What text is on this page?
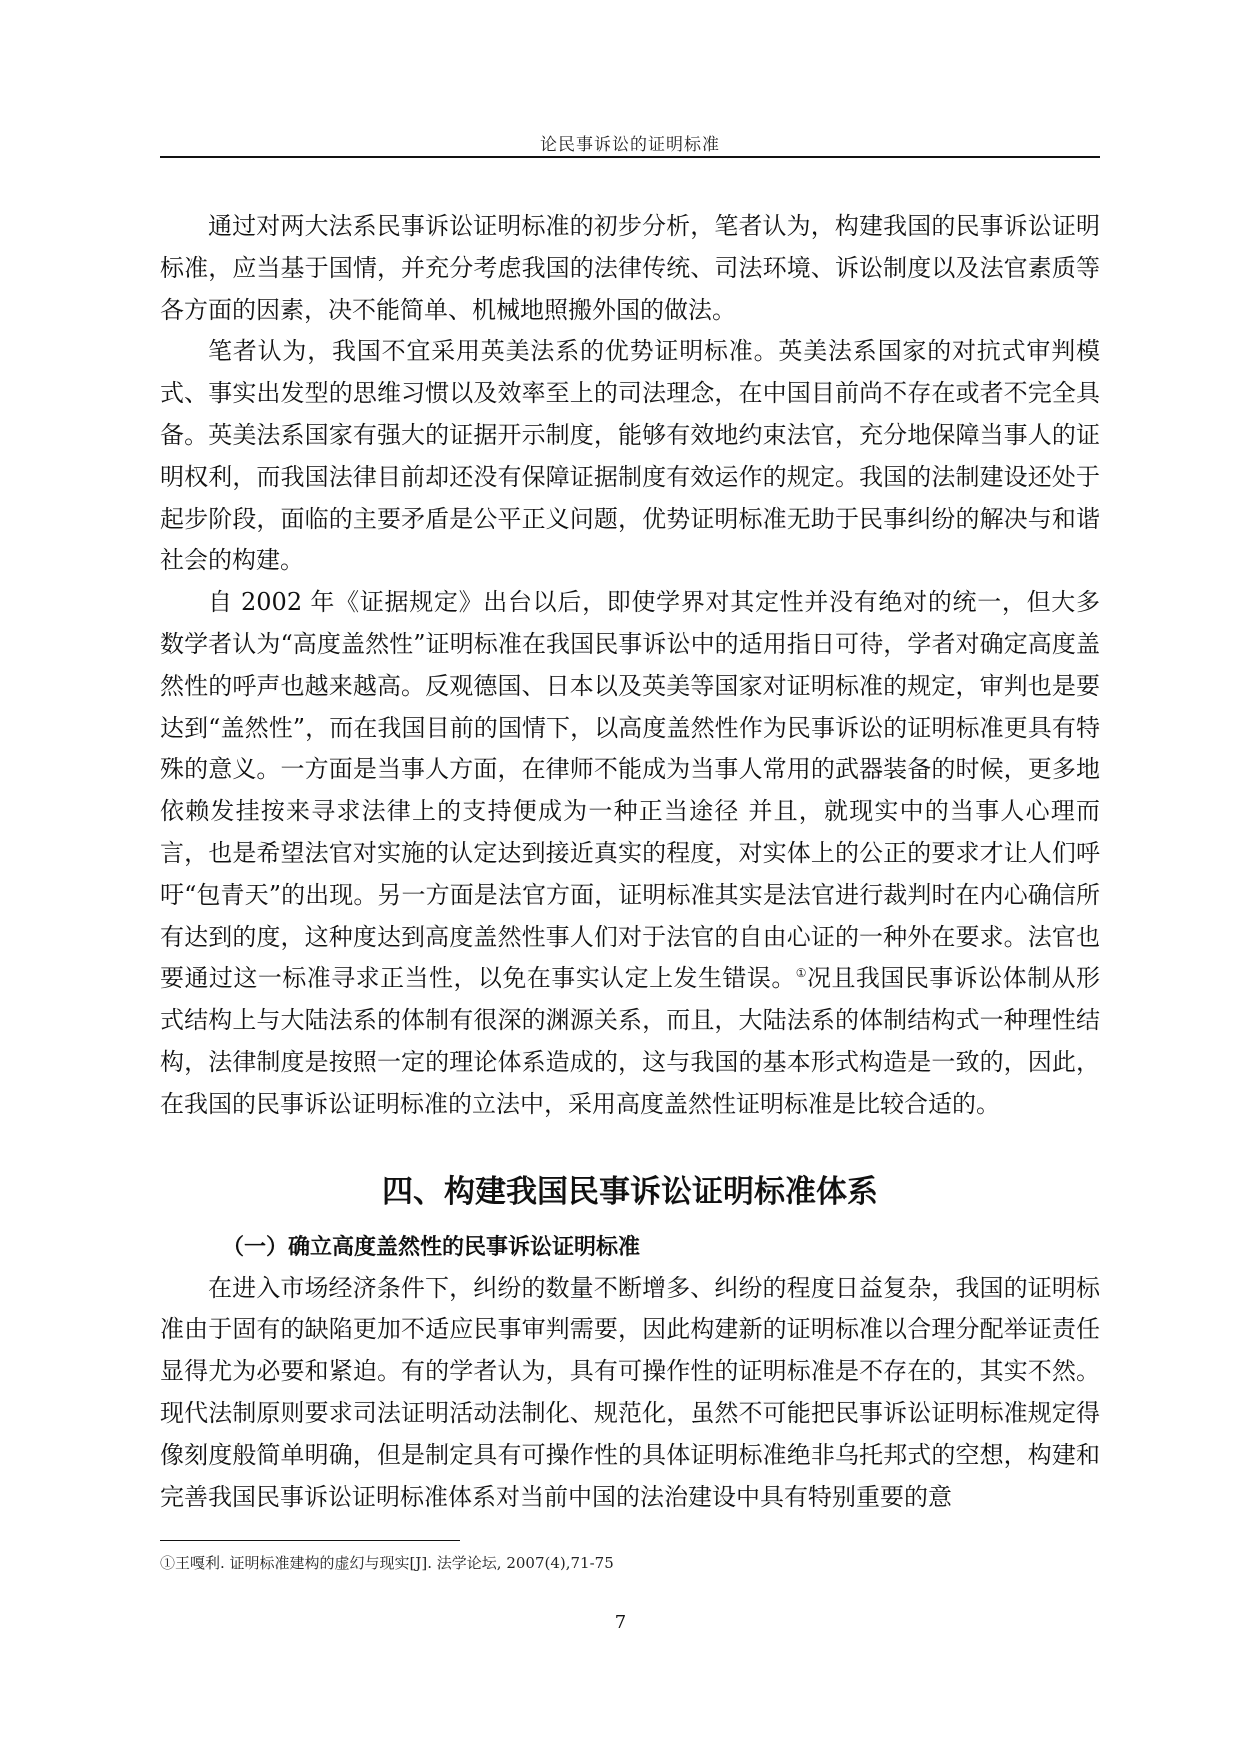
论民事诉讼的证明标准

通过对两大法系民事诉讼证明标准的初步分析，笔者认为，构建我国的民事诉讼证明标准，应当基于国情，并充分考虑我国的法律传统、司法环境、诉讼制度以及法官素质等各方面的因素，决不能简单、机械地照搬外国的做法。

笔者认为，我国不宜采用英美法系的优势证明标准。英美法系国家的对抗式审判模式、事实出发型的思维习惯以及效率至上的司法理念，在中国目前尚不存在或者不完全具备。英美法系国家有强大的证据开示制度，能够有效地约束法官，充分地保障当事人的证明权利，而我国法律目前却还没有保障证据制度有效运作的规定。我国的法制建设还处于起步阶段，面临的主要矛盾是公平正义问题，优势证明标准无助于民事纠纷的解决与和谐社会的构建。

自 2002 年《证据规定》出台以后，即使学界对其定性并没有绝对的统一，但大多数学者认为“高度盖然性”证明标准在我国民事诉讼中的适用指日可待，学者对确定高度盖然性的呼声也越来越高。反观德国、日本以及英美等国家对证明标准的规定，审判也是要达到“盖然性”，而在我国目前的国情下，以高度盖然性作为民事诉讼的证明标准更具有特殊的意义。一方面是当事人方面，在律师不能成为当事人常用的武器装备的时候，更多地依赖发挂按来寻求法律上的支持便成为一种正当途径 并且，就现实中的当事人心理而言，也是希望法官对实施的认定达到接近真实的程度，对实体上的公正的要求才让人们呼吁“包青天”的出现。另一方面是法官方面，证明标准其实是法官进行裁判时在内心确信所有达到的度，这种度达到高度盖然性事人们对于法官的自由心证的一种外在要求。法官也要通过这一标准寻求正当性，以免在事实认定上发生错误。①况且我国民事诉讼体制从形式结构上与大陆法系的体制有很深的渊源关系，而且，大陆法系的体制结构式一种理性结构，法律制度是按照一定的理论体系造成的，这与我国的基本形式构造是一致的，因此，在我国的民事诉讼证明标准的立法中，采用高度盖然性证明标准是比较合适的。

四、构建我国民事诉讼证明标准体系
（一）确立高度盖然性的民事诉讼证明标准

在进入市场经济条件下，纠纷的数量不断增多、纠纷的程度日益复杂，我国的证明标准由于固有的缺陷更加不适应民事审判需要，因此构建新的证明标准以合理分配举证责任显得尤为必要和紧迫。有的学者认为，具有可操作性的证明标准是不存在的，其实不然。现代法制原则要求司法证明活动法制化、规范化，虽然不可能把民事诉讼证明标准规定得像刻度般简单明确，但是制定具有可操作性的具体证明标准绝非乌托邦式的空想，构建和完善我国民事诉讼证明标准体系对当前中国的法治建设中具有特别重要的意

①王嘎利. 证明标准建构的虚幻与现实[J]. 法学论坛, 2007(4),71-75
7
